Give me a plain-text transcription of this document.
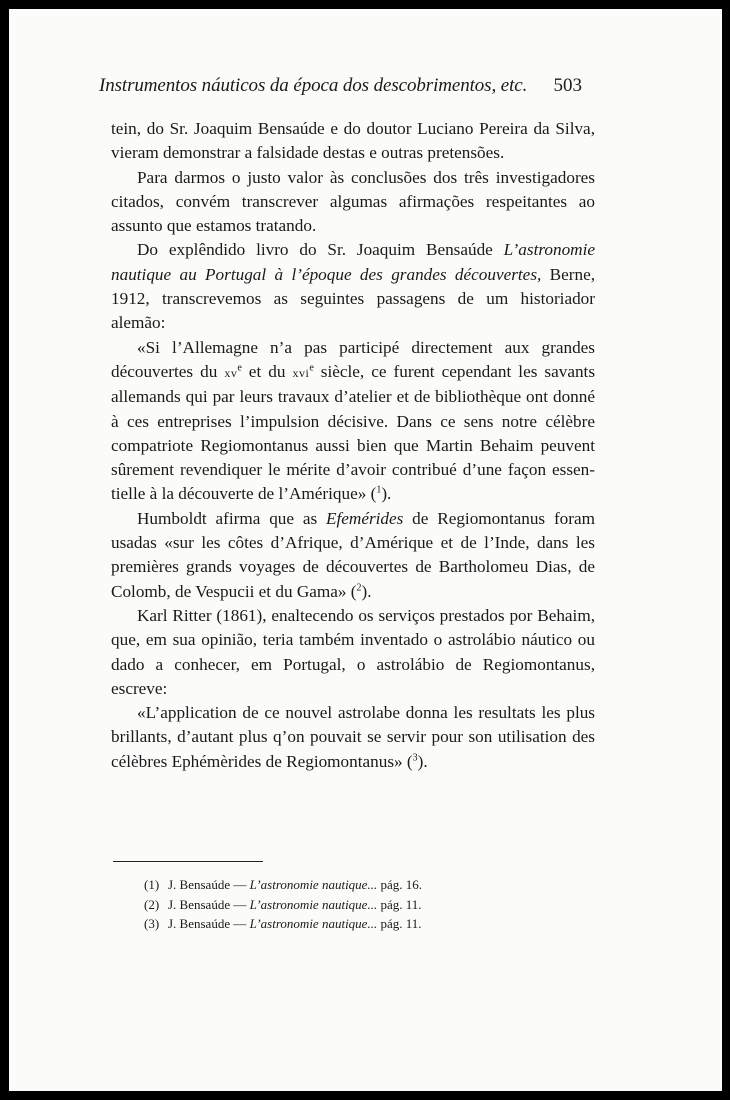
Instrumentos náuticos da época dos descobrimentos, etc. 503

tein, do Sr. Joaquim Bensaúde e do doutor Luciano Pereira da Silva, vieram demonstrar a falsidade destas e outras pretensões.

Para darmos o justo valor às conclusões dos três investigadores citados, convém transcrever algumas afirmações respeitantes ao assunto que estamos tratando.

Do explêndido livro do Sr. Joaquim Bensaúde L’astronomie nautique au Portugal à l’époque des grandes découvertes, Berne, 1912, transcrevemos as seguintes passagens de um historiador alemão:

«Si l’Allemagne n’a pas participé directement aux grandes découvertes du $xv^e$ et du xvi$^e$ siècle, ce furent cependant les savants allemands qui par leurs travaux d’atelier et de bibliothèque ont donné à ces entreprises l’impulsion décisive. Dans ce sens notre célèbre compatriote Regiomontanus aussi bien que Martin Behaim peuvent sûrement revendiquer le mérite d’avoir contribué d’une façon essentielle à la découverte de l’Amérique» ($^1$).

Humboldt afirma que as Efemérides de Regiomontanus foram usadas «sur les côtes d’Afrique, d’Amérique et de l’Inde, dans les premières grands voyages de découvertes de Bartholomeu Dias, de Colomb, de Vespucii et du Gama» ($^2$).

Karl Ritter (1861), enaltecendo os serviços prestados por Behaim, que, em sua opinião, teria também inventado o astrolábio náutico ou dado a conhecer, em Portugal, o astrolábio de Regiomontanus, escreve:

«L’application de ce nouvel astrolabe donna les resultats les plus brillants, d’autant plus q’on pouvait se servir pour son utilisation des célèbres Ephémèrides de Regiomontanus» ($^3$).

(1) J. Bensaúde — L’astronomie nautique... pág. 16.
(2) J. Bensaúde — L’astronomie nautique... pág. 11.
(3) J. Bensaúde — L’astronomie nautique... pág. 11.
